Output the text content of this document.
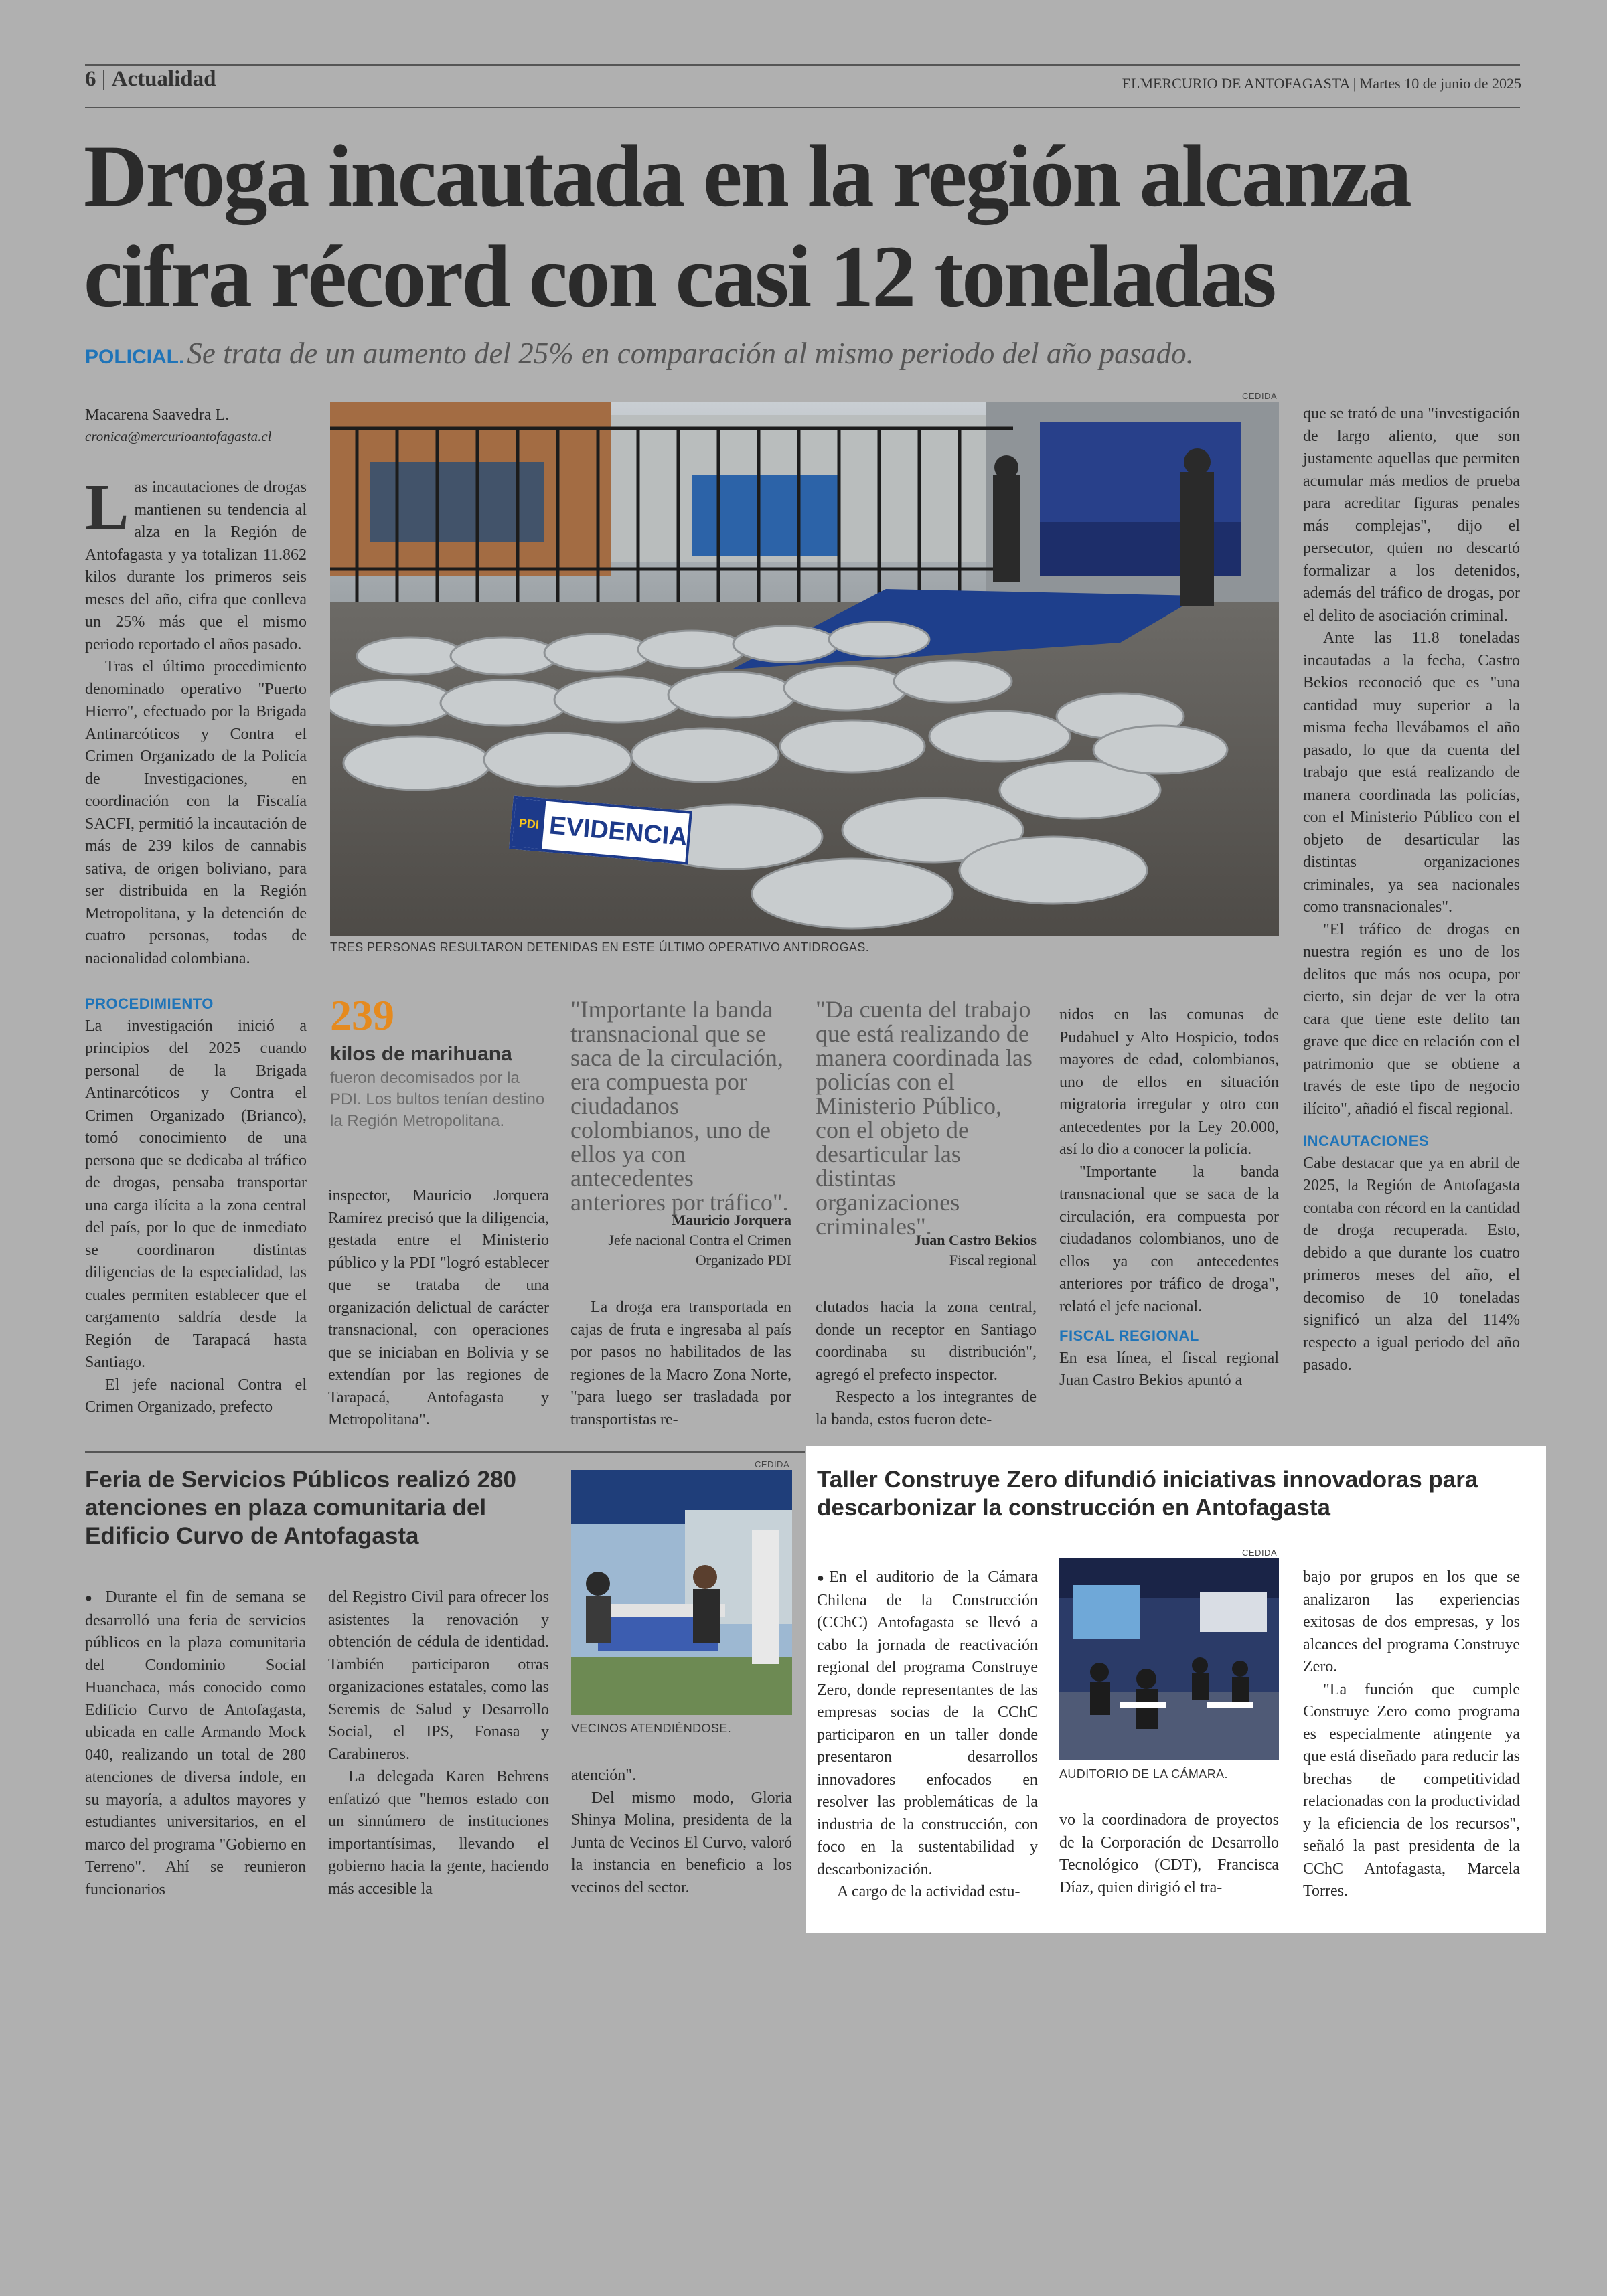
6 | Actualidad	ELMERCURIO DE ANTOFAGASTA | Martes 10 de junio de 2025
Droga incautada en la región alcanza
cifra récord con casi 12 toneladas
POLICIAL. Se trata de un aumento del 25% en comparación al mismo periodo del año pasado.
Macarena Saavedra L.
cronica@mercurioantofagasta.cl
CEDIDA
PDI EVIDENCIA
TRES PERSONAS RESULTARON DETENIDAS EN ESTE ÚLTIMO OPERATIVO ANTIDROGAS.

Las incautaciones de drogas mantienen su tendencia al alza en la Región de Antofagasta y ya totalizan 11.862 kilos durante los primeros seis meses del año, cifra que conlleva un 25% más que el mismo periodo reportado el años pasado.

Tras el último procedimiento denominado operativo "Puerto Hierro", efectuado por la Brigada Antinarcóticos y Contra el Crimen Organizado de la Policía de Investigaciones, en coordinación con la Fiscalía SACFI, permitió la incautación de más de 239 kilos de cannabis sativa, de origen boliviano, para ser distribuida en la Región Metropolitana, y la detención de cuatro personas, todas de nacionalidad colombiana.

PROCEDIMIENTO

La investigación inició a principios del 2025 cuando personal de la Brigada Antinarcóticos y Contra el Crimen Organizado (Brianco), tomó conocimiento de una persona que se dedicaba al tráfico de drogas, pensaba transportar una carga ilícita a la zona central del país, por lo que de inmediato se coordinaron distintas diligencias de la especialidad, las cuales permiten establecer que el cargamento saldría desde la Región de Tarapacá hasta Santiago.

El jefe nacional Contra el Crimen Organizado, prefecto

239
kilos de marihuana
fueron decomisados por la PDI. Los bultos tenían destino la Región Metropolitana.

inspector, Mauricio Jorquera Ramírez precisó que la diligencia, gestada entre el Ministerio público y la PDI "logró establecer que se trataba de una organización delictual de carácter transnacional, con operaciones que se iniciaban en Bolivia y se extendían por las regiones de Tarapacá, Antofagasta y Metropolitana".

"Importante la banda transnacional que se saca de la circulación, era compuesta por ciudadanos colombianos, uno de ellos ya con antecedentes anteriores por tráfico".

Mauricio Jorquera
Jefe nacional Contra el Crimen Organizado PDI

"Da cuenta del trabajo que está realizando de manera coordinada las policías con el Ministerio Público, con el objeto de desarticular las distintas organizaciones criminales".

Juan Castro Bekios
Fiscal regional

La droga era transportada en cajas de fruta e ingresaba al país por pasos no habilitados de las regiones de la Macro Zona Norte, "para luego ser trasladada por transportistas re-

clutados hacia la zona central, donde un receptor en Santiago coordinaba su distribución", agregó el prefecto inspector.

Respecto a los integrantes de la banda, estos fueron dete-

nidos en las comunas de Pudahuel y Alto Hospicio, todos mayores de edad, colombianos, uno de ellos en situación migratoria irregular y otro con antecedentes por la Ley 20.000, así lo dio a conocer la policía.

"Importante la banda transnacional que se saca de la circulación, era compuesta por ciudadanos colombianos, uno de ellos ya con antecedentes anteriores por tráfico de droga", relató el jefe nacional.

FISCAL REGIONAL

En esa línea, el fiscal regional Juan Castro Bekios apuntó a

que se trató de una "investigación de largo aliento, que son justamente aquellas que permiten acumular más medios de prueba para acreditar figuras penales más complejas", dijo el persecutor, quien no descartó formalizar a los detenidos, además del tráfico de drogas, por el delito de asociación criminal.

Ante las 11.8 toneladas incautadas a la fecha, Castro Bekios reconoció que es "una cantidad muy superior a la misma fecha llevábamos el año pasado, lo que da cuenta del trabajo que está realizando de manera coordinada las policías, con el Ministerio Público con el objeto de desarticular las distintas organizaciones criminales, ya sea nacionales como transnacionales".

"El tráfico de drogas en nuestra región es uno de los delitos que más nos ocupa, por cierto, sin dejar de ver la otra cara que tiene este delito tan grave que dice en relación con el patrimonio que se obtiene a través de este tipo de negocio ilícito", añadió el fiscal regional.

INCAUTACIONES

Cabe destacar que ya en abril de 2025, la Región de Antofagasta contaba con récord en la cantidad de droga recuperada. Esto, debido a que durante los cuatro primeros meses del año, el decomiso de 10 toneladas significó un alza del 114% respecto a igual periodo del año pasado.

Feria de Servicios Públicos realizó 280 atenciones en plaza comunitaria del Edificio Curvo de Antofagasta

● Durante el fin de semana se desarrolló una feria de servicios públicos en la plaza comunitaria del Condominio Social Huanchaca, más conocido como Edificio Curvo de Antofagasta, ubicada en calle Armando Mock 040, realizando un total de 280 atenciones de diversa índole, en su mayoría, a adultos mayores y estudiantes universitarios, en el marco del programa "Gobierno en Terreno". Ahí se reunieron funcionarios

del Registro Civil para ofrecer los asistentes la renovación y obtención de cédula de identidad. También participaron otras organizaciones estatales, como las Seremis de Salud y Desarrollo Social, el IPS, Fonasa y Carabineros.

La delegada Karen Behrens enfatizó que "hemos estado con un sinnúmero de instituciones importantísimas, llevando el gobierno hacia la gente, haciendo más accesible la

CEDIDA
VECINOS ATENDIÉNDOSE.

atención".

Del mismo modo, Gloria Shinya Molina, presidenta de la Junta de Vecinos El Curvo, valoró la instancia en beneficio a los vecinos del sector.

Taller Construye Zero difundió iniciativas innovadoras para descarbonizar la construcción en Antofagasta

●En el auditorio de la Cámara Chilena de la Construcción (CChC) Antofagasta se llevó a cabo la jornada de reactivación regional del programa Construye Zero, donde representantes de las empresas socias de la CChC participaron en un taller donde presentaron desarrollos innovadores enfocados en resolver las problemáticas de la industria de la construcción, con foco en la sustentabilidad y descarbonización.

A cargo de la actividad estu-

CEDIDA
AUDITORIO DE LA CÁMARA.

vo la coordinadora de proyectos de la Corporación de Desarrollo Tecnológico (CDT), Francisca Díaz, quien dirigió el tra-

bajo por grupos en los que se analizaron las experiencias exitosas de dos empresas, y los alcances del programa Construye Zero.

"La función que cumple Construye Zero como programa es especialmente atingente ya que está diseñado para reducir las brechas de competitividad relacionadas con la productividad y la eficiencia de los recursos", señaló la past presidenta de la CChC Antofagasta, Marcela Torres.
